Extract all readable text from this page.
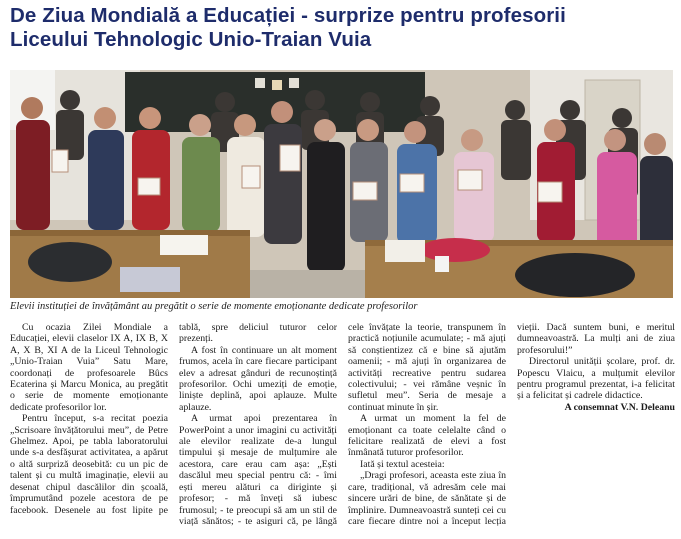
De Ziua Mondială a Educației - surprize pentru profesorii
Liceului Tehnologic Unio-Traian Vuia

Elevii instituției de învățământ au pregătit o serie de momente emoționante dedicate profesorilor

Cu ocazia Zilei Mondiale a Educației, elevii claselor IX A, IX B, X A, X B, XI A de la Liceul Tehnologic „Unio-Traian Vuia” Satu Mare, coordonați de profesoarele Bûcs Ecaterina și Marcu Monica, au pregătit o serie de momente emoționante dedicate profesorilor lor.

Pentru început, s-a recitat poezia „Scrisoare învățătorului meu”, de Petre Ghelmez. Apoi, pe tabla laboratorului unde s-a desfășurat activitatea, a apărut o altă surpriză deosebită: cu un pic de talent și cu multă imaginație, elevii au desenat chipul dascălilor din școală, împrumutând pozele acestora de pe facebook. Desenele au fost lipite pe tablă, spre deliciul tuturor celor prezenți.

A fost în continuare un alt moment frumos, acela în care fiecare participant elev a adresat gânduri de recunoștință profesorilor. Ochi umeziți de emoție, liniște deplină, apoi aplauze. Multe aplauze.

A urmat apoi prezentarea în PowerPoint a unor imagini cu activități ale elevilor realizate de-a lungul timpului și mesaje de mulțumire ale acestora, care erau cam așa: „Ești dascălul meu special pentru că: - îmi ești mereu alături ca diriginte și profesor; - mă înveți să iubesc frumosul; - te preocupi să am un stil de viață sănătos; - te asiguri că, pe lângă cele învățate la teorie, transpunem în practică noțiunile acumulate; - mă ajuți să conștientizez că e bine să ajutăm oamenii; - mă ajuți în organizarea de activități recreative pentru sudarea colectivului; - vei rămâne veșnic în sufletul meu”. Seria de mesaje a continuat minute în șir.

A urmat un moment la fel de emoționant ca toate celelalte când o felicitare realizată de elevi a fost înmânată tuturor profesorilor.

Iată și textul acesteia:

„Dragi profesori, aceasta este ziua în care, tradițional, vă adresăm cele mai sincere urări de bine, de sănătate și de împlinire. Dumneavoastră sunteți cei cu care fiecare dintre noi a început lecția vieții. Dacă suntem buni, e meritul dumneavoastră. La mulți ani de ziua profesorului!”

Directorul unității școlare, prof. dr. Popescu Vlaicu, a mulțumit elevilor pentru programul prezentat, i-a felicitat și a felicitat și cadrele didactice.

A consemnat V.N. Deleanu
